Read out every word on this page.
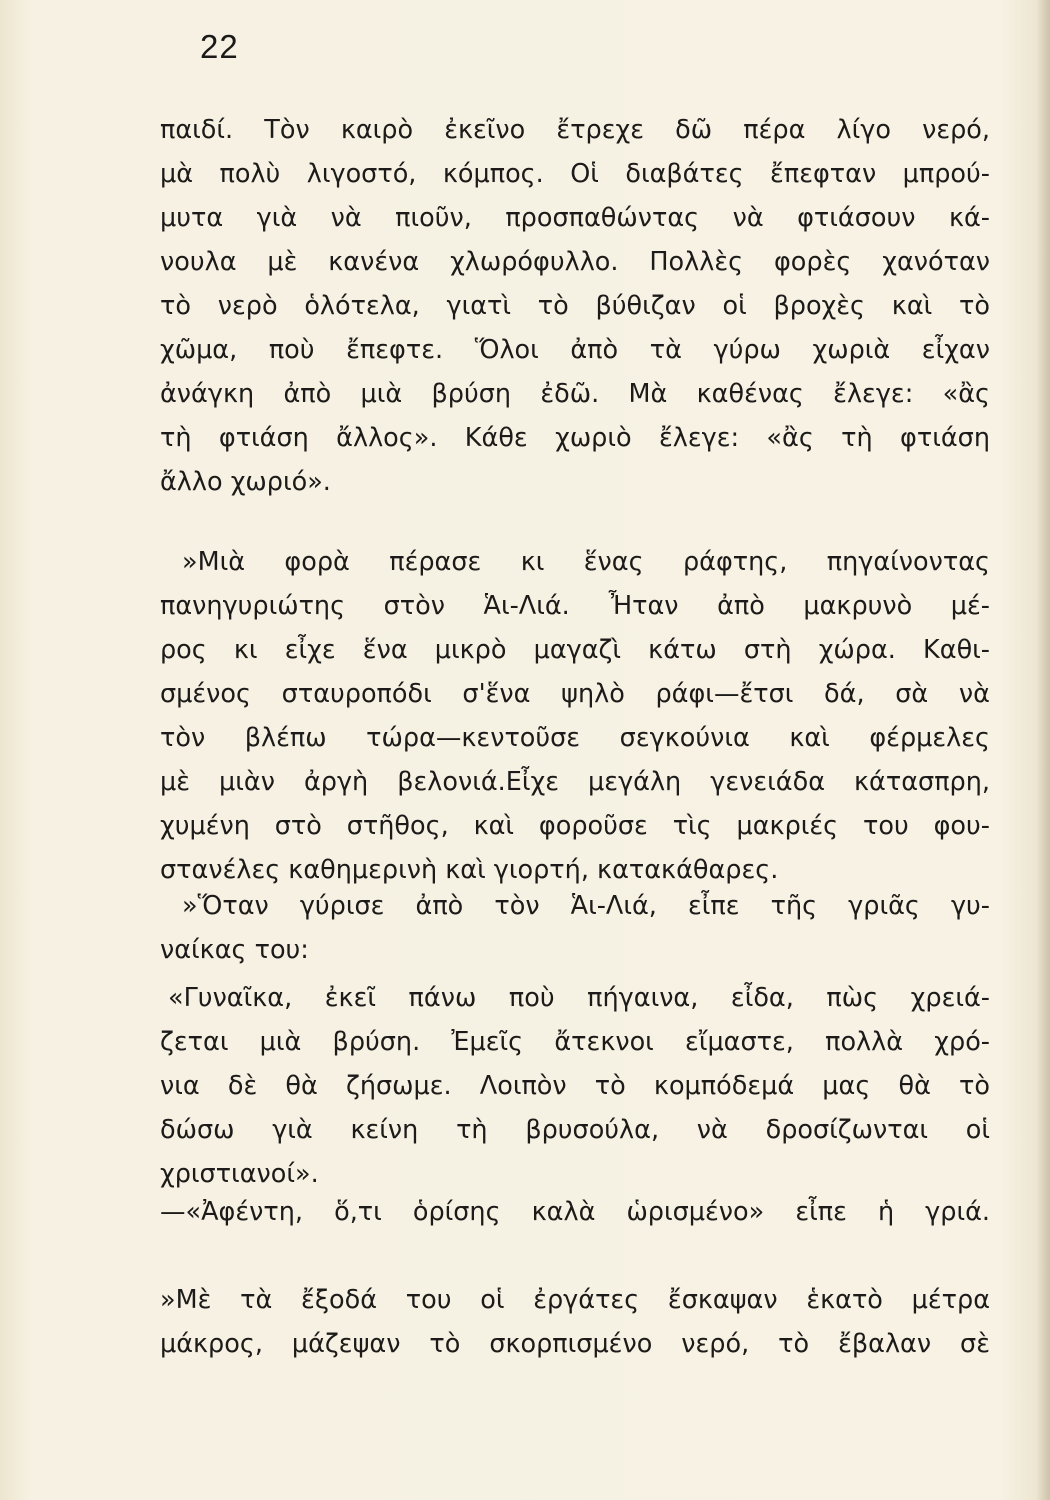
22
παιδί. Τὸν καιρὸ ἐκεῖνο ἔτρεχε δῶ πέρα λίγο νερό,
μὰ πολὺ λιγοστό, κόμπος. Οἱ διαβάτες ἔπεφταν μπρού-
μυτα γιὰ νὰ πιοῦν, προσπαθώντας νὰ φτιάσουν κά-
νουλα μὲ κανένα χλωρόφυλλο. Πολλὲς φορὲς χανόταν
τὸ νερὸ ὁλότελα, γιατὶ τὸ βύθιζαν οἱ βροχὲς καὶ τὸ
χῶμα, ποὺ ἔπεφτε. Ὅλοι ἀπὸ τὰ γύρω χωριὰ εἶχαν
ἀνάγκη ἀπὸ μιὰ βρύση ἐδῶ. Μὰ καθένας ἔλεγε: «ἂς
τὴ φτιάση ἄλλος». Κάθε χωριὸ ἔλεγε: «ἂς τὴ φτιάση
ἄλλο χωριό».
»Μιὰ φορὰ πέρασε κι ἕνας ράφτης, πηγαίνοντας
πανηγυριώτης στὸν Ἁι-Λιά. Ἦταν ἀπὸ μακρυνὸ μέ-
ρος κι εἶχε ἕνα μικρὸ μαγαζὶ κάτω στὴ χώρα. Καθι-
σμένος σταυροπόδι σ'ἕνα ψηλὸ ράφι—ἔτσι δά, σὰ νὰ
τὸν βλέπω τώρα—κεντοῦσε σεγκούνια καὶ φέρμελες
μὲ μιὰν ἀργὴ βελονιά.Εἶχε μεγάλη γενειάδα κάτασπρη,
χυμένη στὸ στῆθος, καὶ φοροῦσε τὶς μακριές του φου-
στανέλες καθημερινὴ καὶ γιορτή, κατακάθαρες.
»Ὅταν γύρισε ἀπὸ τὸν Ἁι-Λιά, εἶπε τῆς γριᾶς γυ-
ναίκας του:
«Γυναῖκα, ἐκεῖ πάνω ποὺ πήγαινα, εἶδα, πὼς χρειά-
ζεται μιὰ βρύση. Ἐμεῖς ἄτεκνοι εἴμαστε, πολλὰ χρό-
νια δὲ θὰ ζήσωμε. Λοιπὸν τὸ κομπόδεμά μας θὰ τὸ
δώσω γιὰ κείνη τὴ βρυσούλα, νὰ δροσίζωνται οἱ
χριστιανοί».
—«Ἀφέντη, ὅ,τι ὁρίσης καλὰ ὡρισμένο» εἶπε ἡ γριά.
»Μὲ τὰ ἔξοδά του οἱ ἐργάτες ἔσκαψαν ἑκατὸ μέτρα
μάκρος, μάζεψαν τὸ σκορπισμένο νερό, τὸ ἔβαλαν σὲ
